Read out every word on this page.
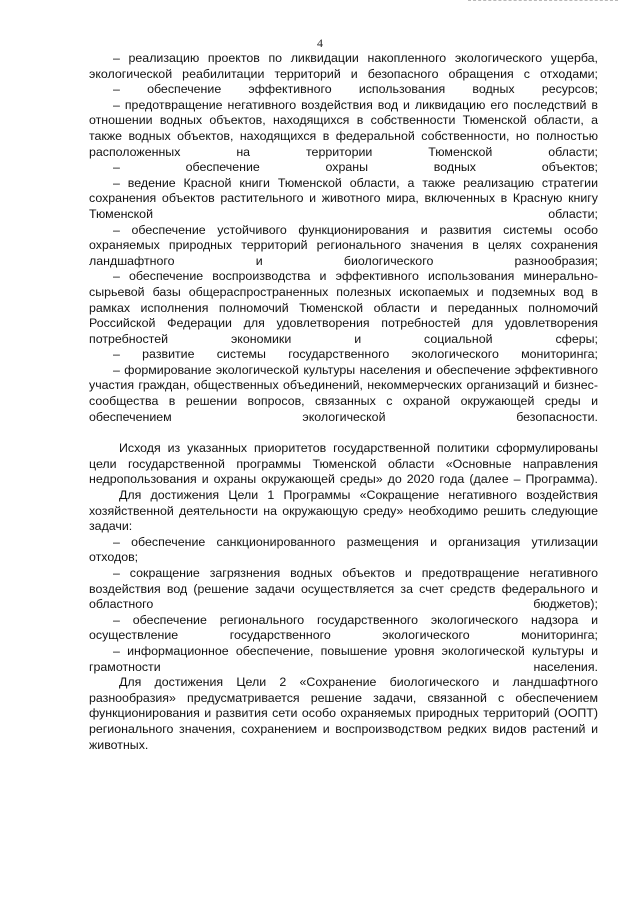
4

– реализацию проектов по ликвидации накопленного экологического ущерба, экологической реабилитации территорий и безопасного обращения с отходами;

– обеспечение эффективного использования водных ресурсов;

– предотвращение негативного воздействия вод и ликвидацию его последствий в отношении водных объектов, находящихся в собственности Тюменской области, а также водных объектов, находящихся в федеральной собственности, но полностью расположенных на территории Тюменской области;

– обеспечение охраны водных объектов;

– ведение Красной книги Тюменской области, а также реализацию стратегии сохранения объектов растительного и животного мира, включенных в Красную книгу Тюменской области;

– обеспечение устойчивого функционирования и развития системы особо охраняемых природных территорий регионального значения в целях сохранения ландшафтного и биологического разнообразия;

– обеспечение воспроизводства и эффективного использования минерально-сырьевой базы общераспространенных полезных ископаемых и подземных вод в рамках исполнения полномочий Тюменской области и переданных полномочий Российской Федерации для удовлетворения потребностей для удовлетворения потребностей экономики и социальной сферы;

– развитие системы государственного экологического мониторинга;

– формирование экологической культуры населения и обеспечение эффективного участия граждан, общественных объединений, некоммерческих организаций и бизнес-сообщества в решении вопросов, связанных с охраной окружающей среды и обеспечением экологической безопасности.

Исходя из указанных приоритетов государственной политики сформулированы цели государственной программы Тюменской области «Основные направления недропользования и охраны окружающей среды» до 2020 года (далее – Программа).

Для достижения Цели 1 Программы «Сокращение негативного воздействия хозяйственной деятельности на окружающую среду» необходимо решить следующие задачи:

– обеспечение санкционированного размещения и организация утилизации отходов;

– сокращение загрязнения водных объектов и предотвращение негативного воздействия вод (решение задачи осуществляется за счет средств федерального и областного бюджетов);

– обеспечение регионального государственного экологического надзора и осуществление государственного экологического мониторинга;

– информационное обеспечение, повышение уровня экологической культуры и грамотности населения.

Для достижения Цели 2 «Сохранение биологического и ландшафтного разнообразия» предусматривается решение задачи, связанной с обеспечением функционирования и развития сети особо охраняемых природных территорий (ООПТ) регионального значения, сохранением и воспроизводством редких видов растений и животных.
